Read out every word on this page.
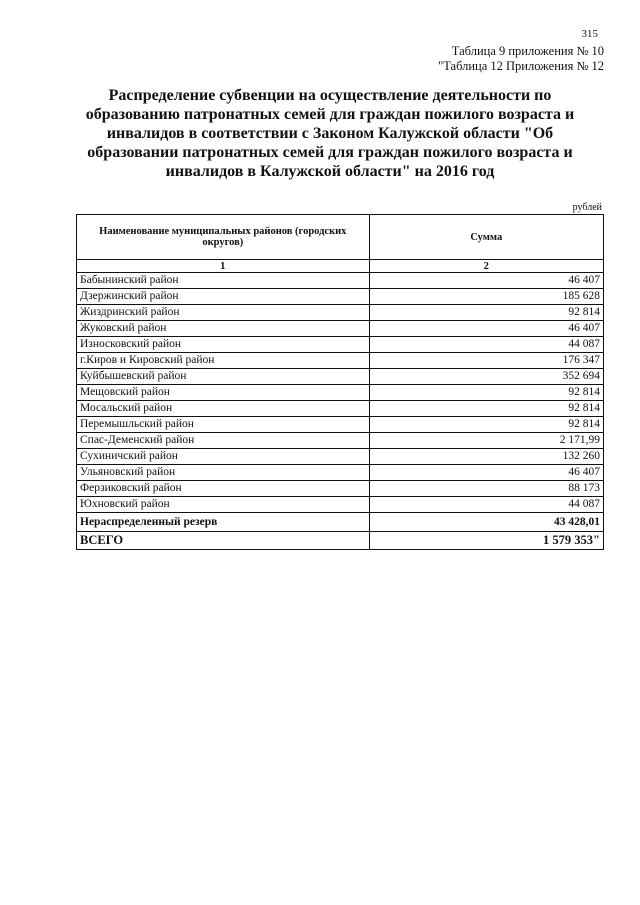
315
Таблица 9 приложения № 10
"Таблица 12 Приложения № 12
Распределение субвенции на осуществление деятельности по образованию патронатных семей для граждан пожилого возраста и инвалидов в соответствии с Законом Калужской области "Об образовании патронатных семей для граждан пожилого возраста и инвалидов в Калужской области" на 2016 год
рублей
Наименование муниципальных районов (городских округов)	Сумма
1	2
Бабынинский район	46 407
Дзержинский район	185 628
Жиздринский район	92 814
Жуковский район	46 407
Износковский район	44 087
г.Киров и Кировский район	176 347
Куйбышевский район	352 694
Мещовский район	92 814
Мосальский район	92 814
Перемышльский район	92 814
Спас-Деменский район	2 171,99
Сухиничский район	132 260
Ульяновский район	46 407
Ферзиковский район	88 173
Юхновский район	44 087
Нераспределенный резерв	43 428,01
ВСЕГО	1 579 353"
